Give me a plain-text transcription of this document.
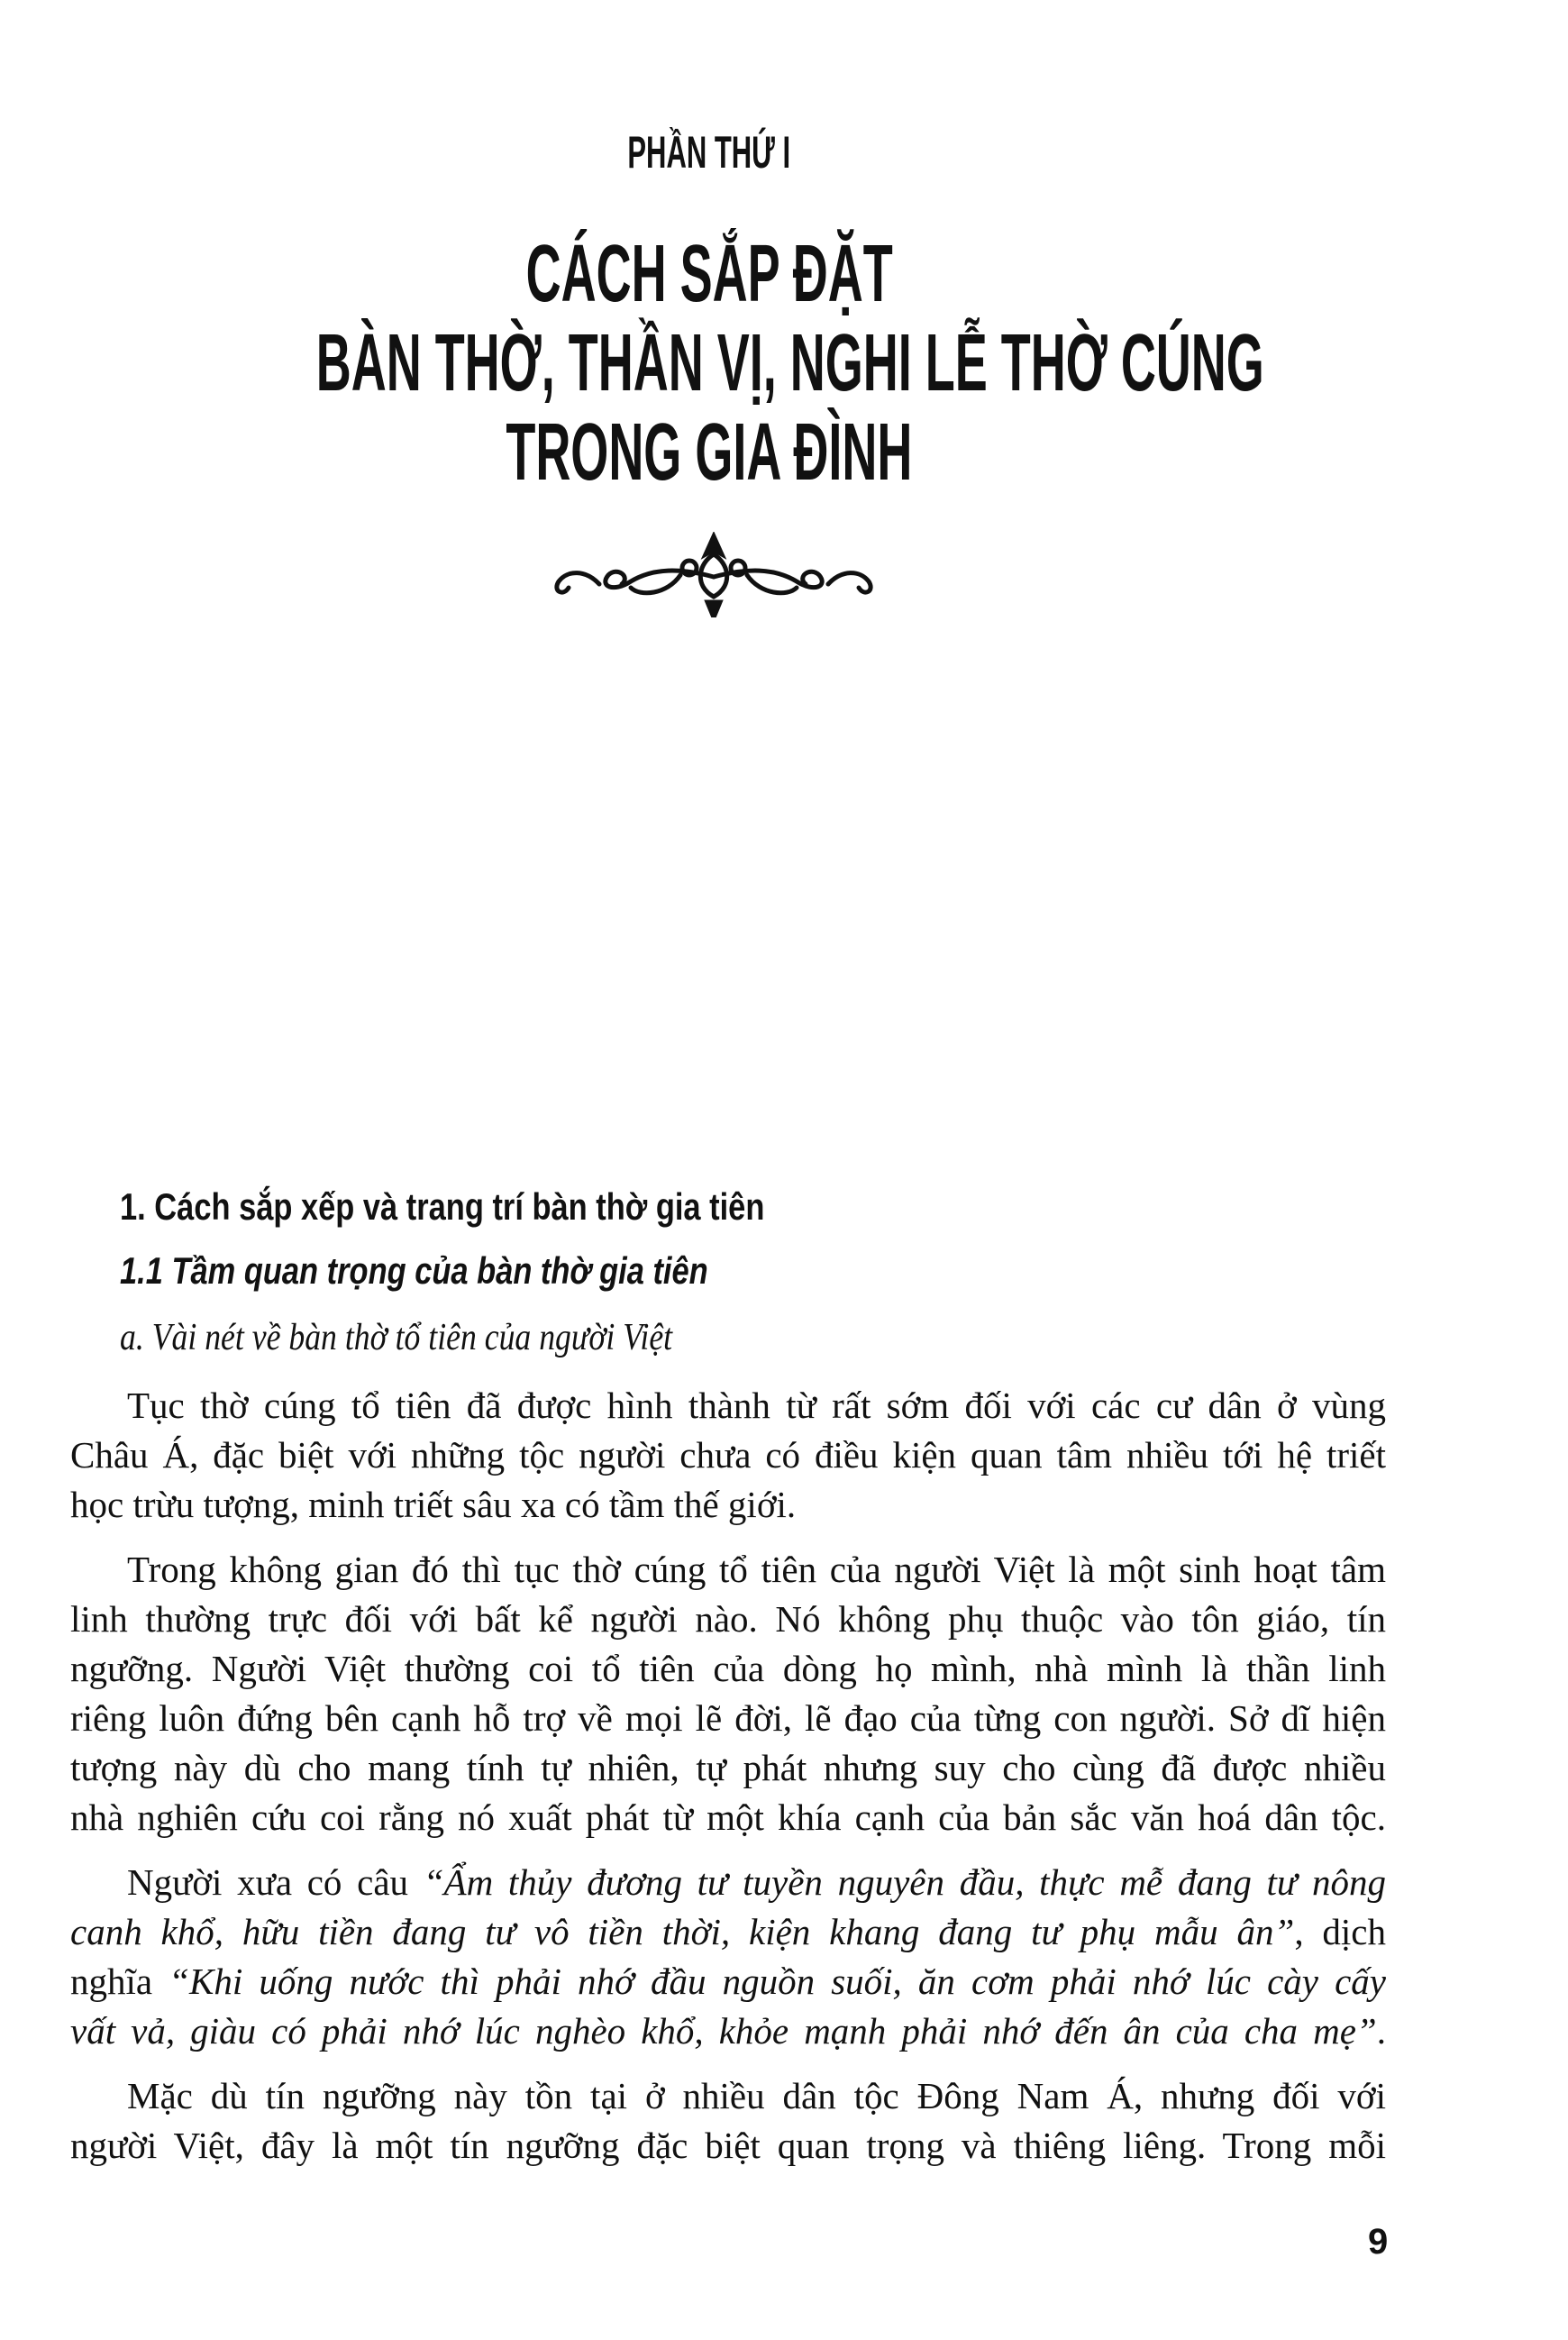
PHẦN THỨ I
CÁCH SẮP ĐẶT
BÀN THỜ, THẦN VỊ, NGHI LỄ THỜ CÚNG
TRONG GIA ĐÌNH
1. Cách sắp xếp và trang trí bàn thờ gia tiên
1.1 Tầm quan trọng của bàn thờ gia tiên
a. Vài nét về bàn thờ tổ tiên của người Việt
Tục thờ cúng tổ tiên đã được hình thành từ rất sớm đối với các cư dân ở vùng
Châu Á, đặc biệt với những tộc người chưa có điều kiện quan tâm nhiều tới hệ triết
học trừu tượng, minh triết sâu xa có tầm thế giới.
Trong không gian đó thì tục thờ cúng tổ tiên của người Việt là một sinh hoạt tâm
linh thường trực đối với bất kể người nào. Nó không phụ thuộc vào tôn giáo, tín
ngưỡng. Người Việt thường coi tổ tiên của dòng họ mình, nhà mình là thần linh
riêng luôn đứng bên cạnh hỗ trợ về mọi lẽ đời, lẽ đạo của từng con người. Sở dĩ hiện
tượng này dù cho mang tính tự nhiên, tự phát nhưng suy cho cùng đã được nhiều
nhà nghiên cứu coi rằng nó xuất phát từ một khía cạnh của bản sắc văn hoá dân tộc.
Người xưa có câu “Ẩm thủy đương tư tuyền nguyên đầu, thực mễ đang tư nông
canh khổ, hữu tiền đang tư vô tiền thời, kiện khang đang tư phụ mẫu ân”, dịch
nghĩa “Khi uống nước thì phải nhớ đầu nguồn suối, ăn cơm phải nhớ lúc cày cấy
vất vả, giàu có phải nhớ lúc nghèo khổ, khỏe mạnh phải nhớ đến ân của cha mẹ”.
Mặc dù tín ngưỡng này tồn tại ở nhiều dân tộc Đông Nam Á, nhưng đối với
người Việt, đây là một tín ngưỡng đặc biệt quan trọng và thiêng liêng. Trong mỗi
9
